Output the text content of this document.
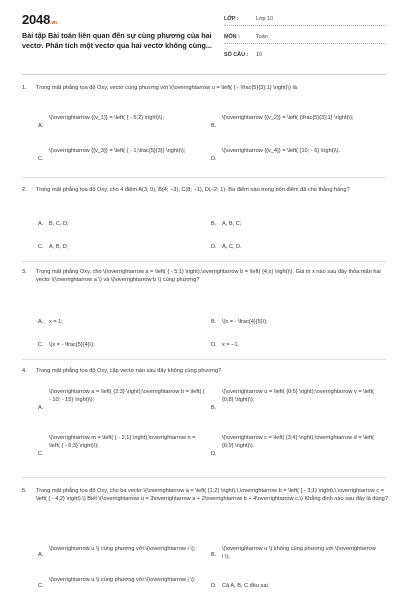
2048.vn
Bài tập Bài toán liên quan đến sự cùng phương của hai vectơ. Phân tích một vectơ qua hai vectơ không cùng...
LỚP :	Lớp 10
MÔN :	Toán
SỐ CÂU : 10
1. Trong mặt phẳng tọa độ Oxy, vectơ cùng phương với \(\overrightarrow u = \left( { - \frac{5}{3};1} \right)\) là
A.
\(\overrightarrow {{v_1}} = \left( { - 5;2} \right)\);
B.
\(\overrightarrow {{v_2}} = \left( {\frac{5}{3};1} \right)\);
C.
\(\overrightarrow {{v_3}} = \left( { - 1;\frac{5}{3}} \right)\);
D.
\(\overrightarrow {{v_4}} = \left( {10; - 6} \right)\).
2. Trong mặt phẳng tọa độ Oxy, cho 4 điểm A(3; 0), B(4; −3), C(8; −1), D(−2; 1). Ba điểm nào trong bốn điểm đã cho thẳng hàng?
A. B, C, D;	B. A, B, C;
C. A, B, D;	D. A, C, D.
3. Trong mặt phẳng Oxy, cho \(\overrightarrow a = \left( { - 5;1} \right),\overrightarrow b = \left( {4;x} \right)\). Giá trị x nào sau đây thỏa mãn hai vectơ \(\overrightarrow a \) và \(\overrightarrow b \) cùng phương?
A. x = 1;	B. \(x = - \frac{4}{5}\);
C. \(x = - \frac{5}{4}\);	D. x = −1.
4. Trong mặt phẳng tọa độ Oxy, cặp vectơ nào sau đây không cùng phương?
A.
\(\overrightarrow a = \left( {2;3} \right);\overrightarrow b = \left( { - 10; - 15} \right)\);
B.
\(\overrightarrow u = \left( {0;5} \right);\overrightarrow v = \left( {0;8} \right)\);
C.
\(\overrightarrow m = \left( { - 2;1} \right);\overrightarrow n = \left( { - 6;3} \right)\);
D.
\(\overrightarrow c = \left( {3;4} \right);\overrightarrow d = \left( {6;9} \right)\).
5. Trong mặt phẳng tọa độ Oxy, cho ba vectơ \(\overrightarrow a = \left( {1;2} \right),\,\overrightarrow b = \left( { - 3;1} \right),\,\overrightarrow c = \left( { - 4;2} \right).\) Biết \(\overrightarrow u = 3\overrightarrow a + 2\overrightarrow b + 4\overrightarrow c.\) Khẳng định nào sau đây là đúng?
A.
\(\overrightarrow u \) cùng phương với \(\overrightarrow i \);
B.
\(\overrightarrow u \) không cùng phương với \(\overrightarrow i \);
C.
\(\overrightarrow u \) cùng phương với \(\overrightarrow j \);
D. Cả A, B, C đều sai.
